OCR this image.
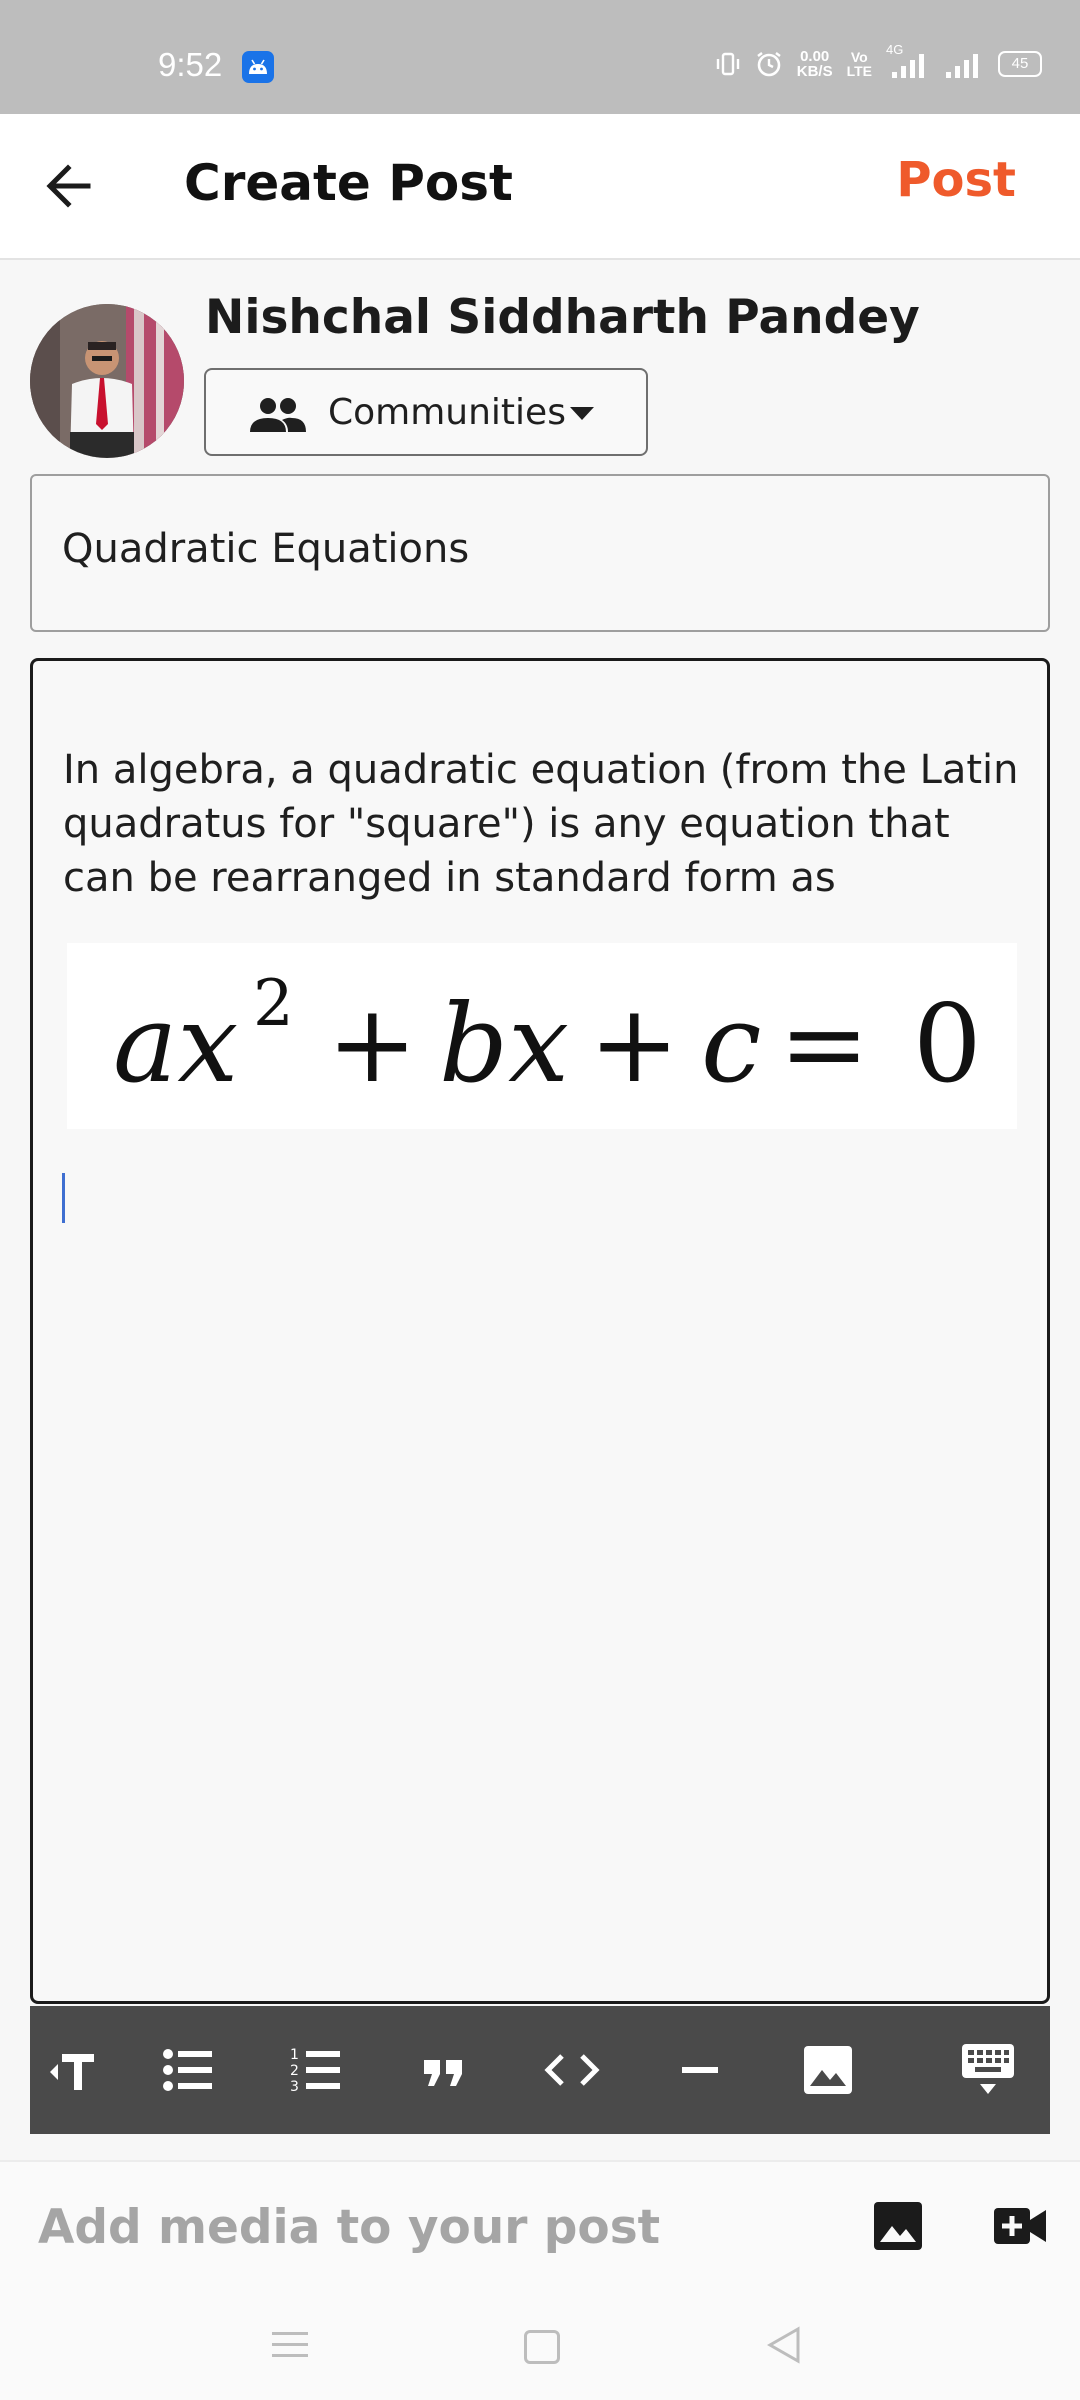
9:52	0.00
KB/S
Vo
LTE
4G
45
Create Post	Post
Nishchal Siddharth Pandey
Communities
Quadratic Equations
In algebra, a quadratic equation (from the Latin quadratus for "square") is any equation that can be rearranged in standard form as
ax 2 + bx + c = 0
1
2
3
Add media to your post
